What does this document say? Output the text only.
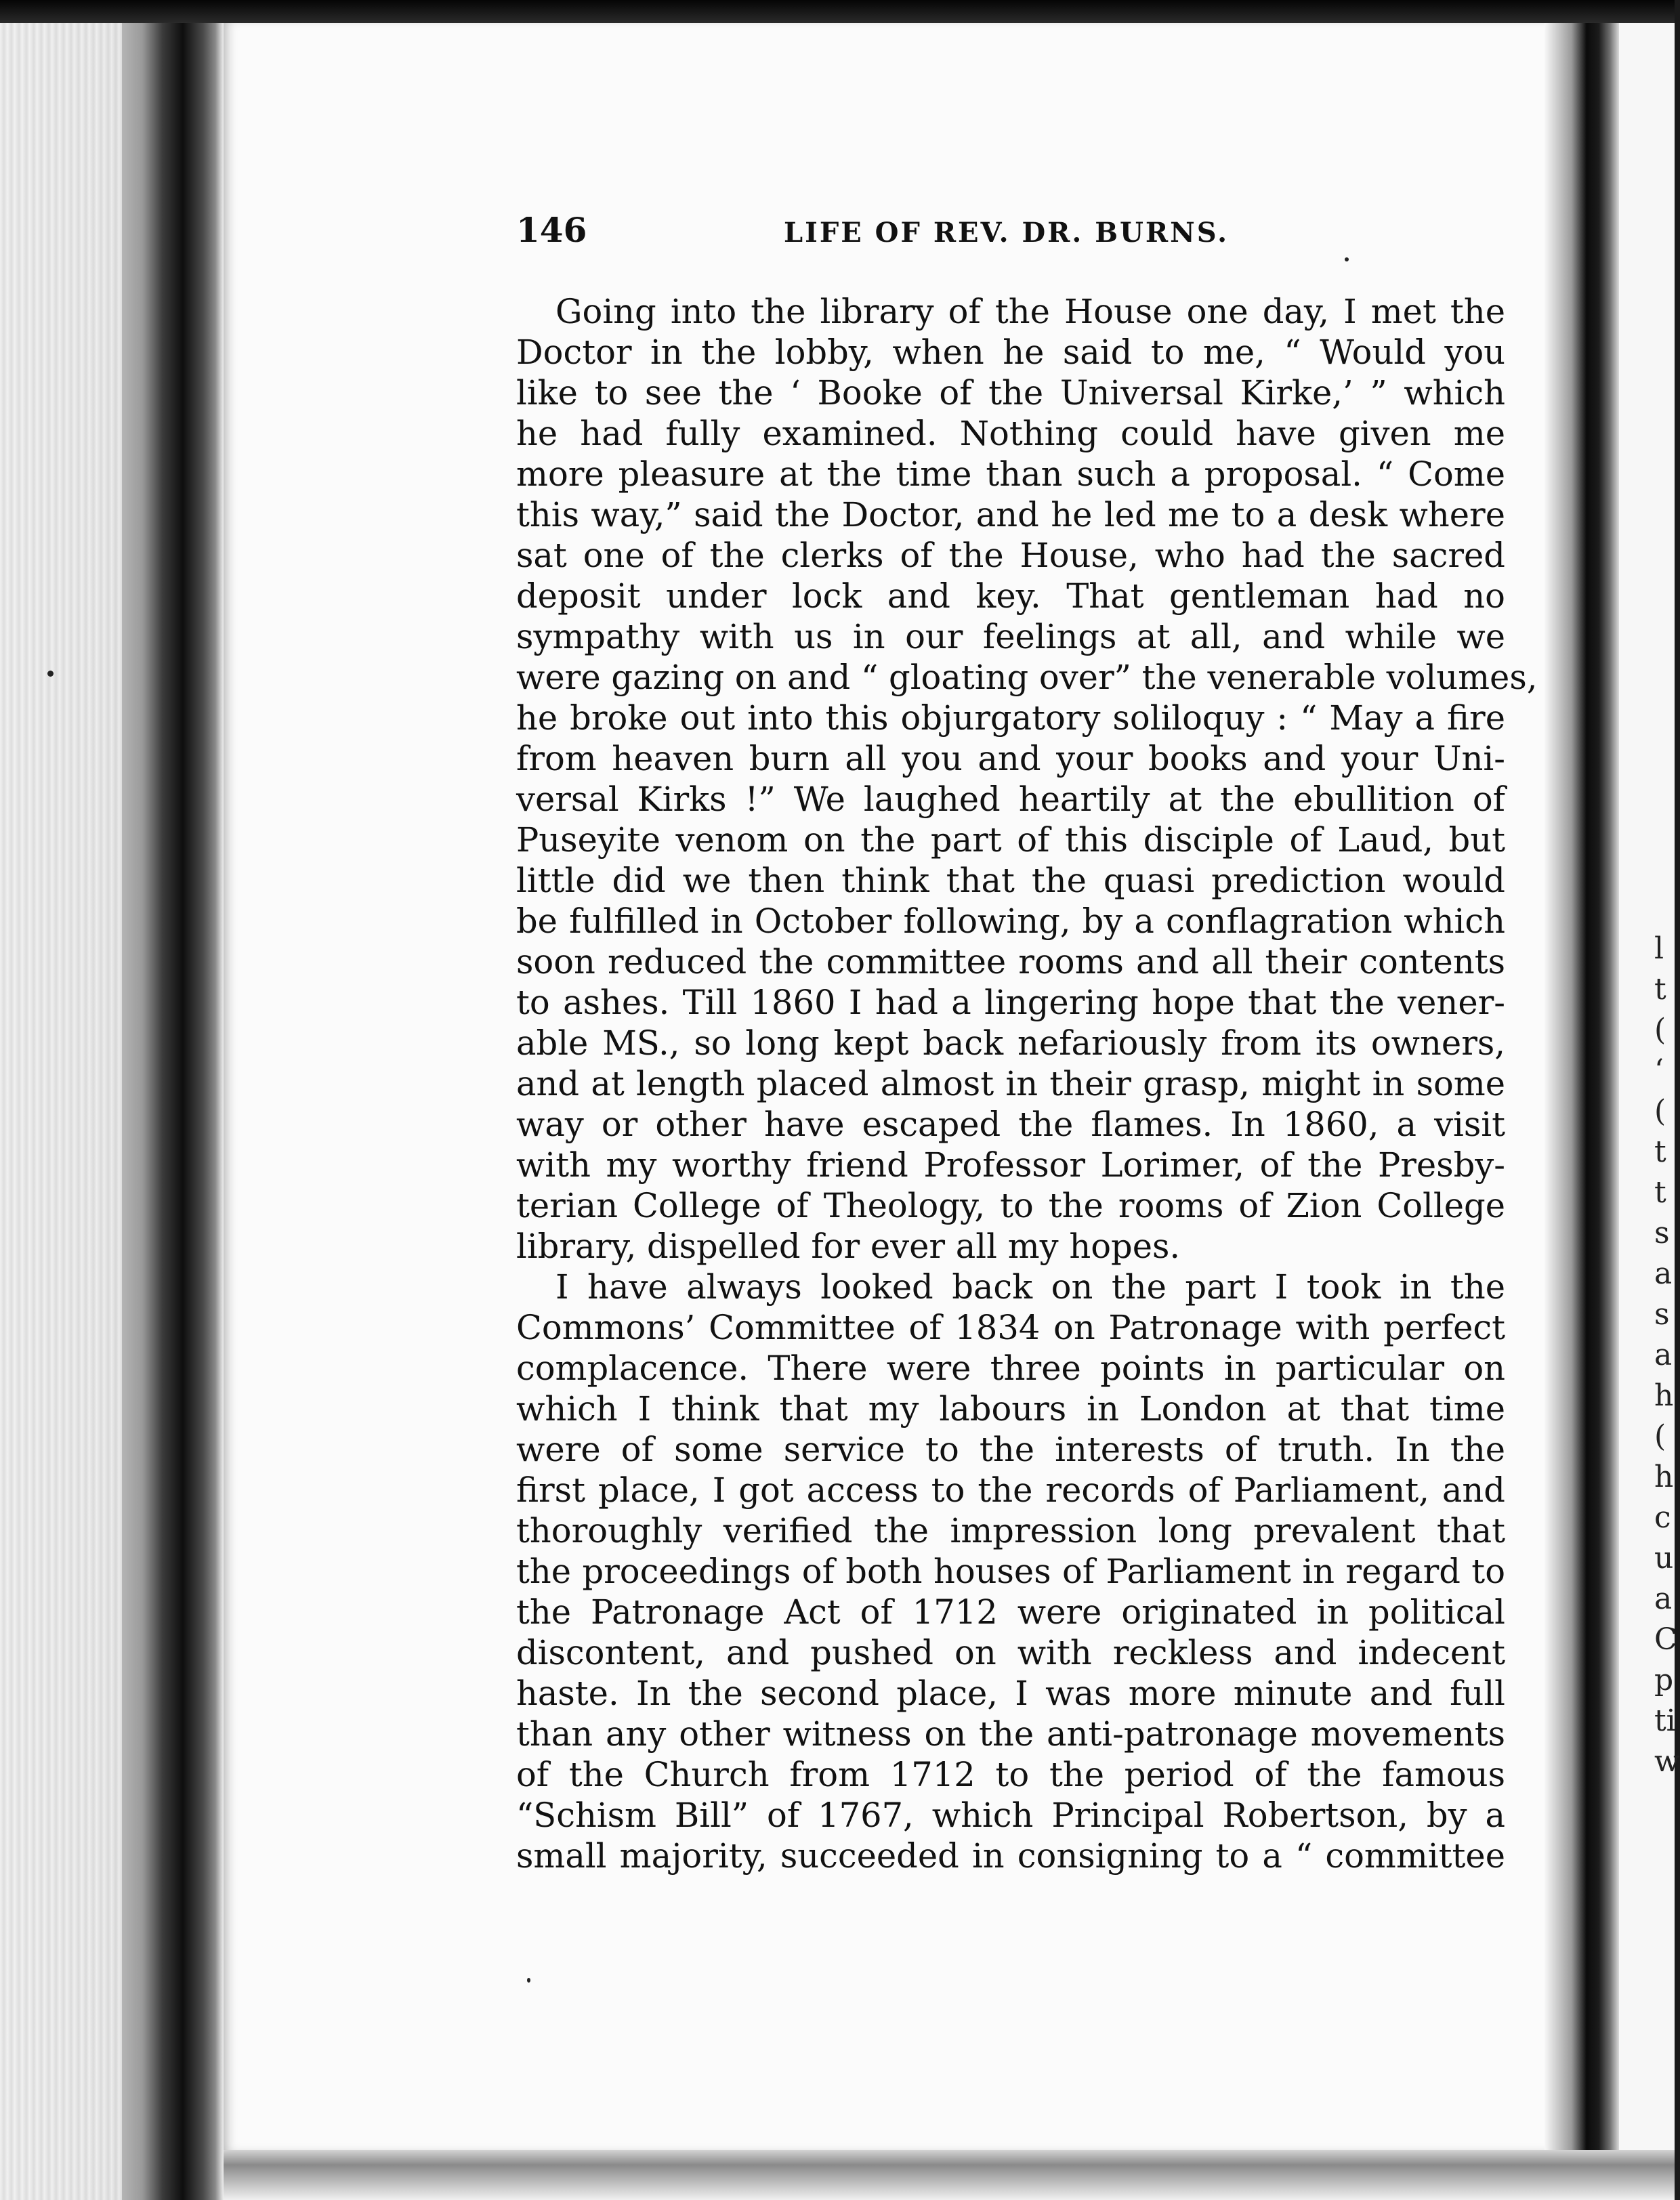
l
t
(
‘
(
t
t
s
a
s
a
h
(
h
c
u
a
C
p
ti
w
146	LIFE OF REV. DR. BURNS.
Going into the library of the House one day, I met the
Doctor in the lobby, when he said to me, “ Would you
like to see the ‘ Booke of the Universal Kirke,’ ” which
he had fully examined. Nothing could have given me
more pleasure at the time than such a proposal. “ Come
this way,” said the Doctor, and he led me to a desk where
sat one of the clerks of the House, who had the sacred
deposit under lock and key. That gentleman had no
sympathy with us in our feelings at all, and while we
were gazing on and “ gloating over” the venerable volumes,
he broke out into this objurgatory soliloquy : “ May a fire
from heaven burn all you and your books and your Uni-
versal Kirks !” We laughed heartily at the ebullition of
Puseyite venom on the part of this disciple of Laud, but
little did we then think that the quasi prediction would
be fulfilled in October following, by a conflagration which
soon reduced the committee rooms and all their contents
to ashes. Till 1860 I had a lingering hope that the vener-
able MS., so long kept back nefariously from its owners,
and at length placed almost in their grasp, might in some
way or other have escaped the flames. In 1860, a visit
with my worthy friend Professor Lorimer, of the Presby-
terian College of Theology, to the rooms of Zion College
library, dispelled for ever all my hopes.
I have always looked back on the part I took in the
Commons’ Committee of 1834 on Patronage with perfect
complacence. There were three points in particular on
which I think that my labours in London at that time
were of some service to the interests of truth. In the
first place, I got access to the records of Parliament, and
thoroughly verified the impression long prevalent that
the proceedings of both houses of Parliament in regard to
the Patronage Act of 1712 were originated in political
discontent, and pushed on with reckless and indecent
haste. In the second place, I was more minute and full
than any other witness on the anti-patronage movements
of the Church from 1712 to the period of the famous
“Schism Bill” of 1767, which Principal Robertson, by a
small majority, succeeded in consigning to a “ committee
